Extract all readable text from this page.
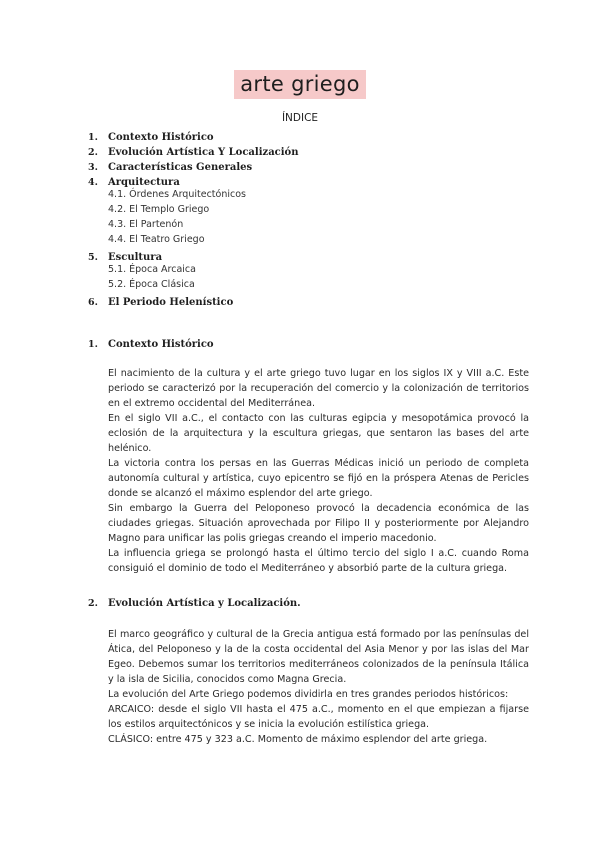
arte griego
ÍNDICE
1. Contexto Histórico
2. Evolución Artística Y Localización
3. Características Generales
4. Arquitectura
4.1. Órdenes Arquitectónicos
4.2. El Templo Griego
4.3. El Partenón
4.4. El Teatro Griego
5. Escultura
5.1. Época Arcaica
5.2. Época Clásica
6. El Periodo Helenístico
1. Contexto Histórico

El nacimiento de la cultura y el arte griego tuvo lugar en los siglos IX y VIII a.C. Este periodo se caracterizó por la recuperación del comercio y la colonización de territorios en el extremo occidental del Mediterránea.

En el siglo VII a.C., el contacto con las culturas egipcia y mesopotámica provocó la eclosión de la arquitectura y la escultura griegas, que sentaron las bases del arte helénico.

La victoria contra los persas en las Guerras Médicas inició un periodo de completa autonomía cultural y artística, cuyo epicentro se fijó en la próspera Atenas de Pericles donde se alcanzó el máximo esplendor del arte griego.

Sin embargo la Guerra del Peloponeso provocó la decadencia económica de las ciudades griegas. Situación aprovechada por Filipo II y posteriormente por Alejandro Magno para unificar las polis griegas creando el imperio macedonio.

La influencia griega se prolongó hasta el último tercio del siglo I a.C. cuando Roma consiguió el dominio de todo el Mediterráneo y absorbió parte de la cultura griega.

2. Evolución Artística y Localización.

El marco geográfico y cultural de la Grecia antigua está formado por las penínsulas del Ática, del Peloponeso y la de la costa occidental del Asia Menor y por las islas del Mar Egeo. Debemos sumar los territorios mediterráneos colonizados de la península Itálica y la isla de Sicilia, conocidos como Magna Grecia.

La evolución del Arte Griego podemos dividirla en tres grandes periodos históricos:

ARCAICO: desde el siglo VII hasta el 475 a.C., momento en el que empiezan a fijarse los estilos arquitectónicos y se inicia la evolución estilística griega.

CLÁSICO: entre 475 y 323 a.C. Momento de máximo esplendor del arte griega.
